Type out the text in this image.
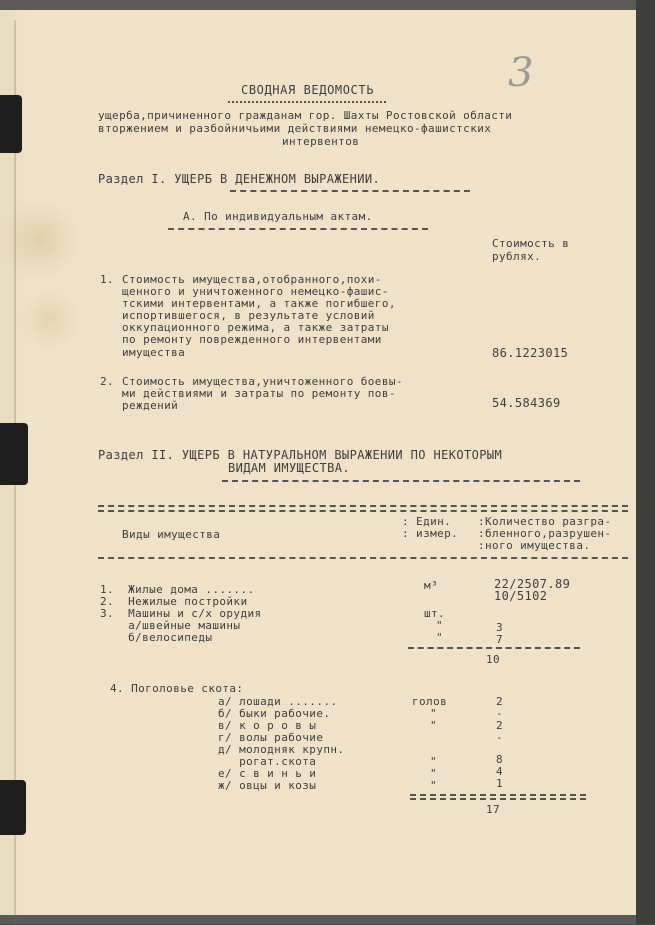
3
СВОДНАЯ ВЕДОМОСТЬ
ущерба,причиненного гражданам гор. Шахты Ростовской области
вторжением и разбойничьими действиями немецко-фашистских
интервентов
Раздел I. УЩЕРБ В ДЕНЕЖНОМ ВЫРАЖЕНИИ.
А. По индивидуальным актам.
Стоимость в
рублях.
1. Стоимость имущества,отобранного,похи-
щенного и уничтоженного немецко-фашис-
тскими интервентами, а также погибшего,
испортившегося, в результате условий
оккупационного режима, а также затраты
по ремонту поврежденного интервентами
имущества	86.1223015
2. Стоимость имущества,уничтоженного боевы-
ми действиями и затраты по ремонту пов-
реждений	54.584369
Раздел II. УЩЕРБ В НАТУРАЛЬНОМ ВЫРАЖЕНИИ ПО НЕКОТОРЫМ
ВИДАМ ИМУЩЕСТВА.
Виды имущества
: Един.
: измер.
:Количество разгра-
:бленного,разрушен-
:ного имущества.
1.  Жилые дома .......	м³	22/2507.89
2.  Нежилые постройки	10/5102
3.  Машины и с/х орудия	шт.
а/швейные машины	"	3
б/велосипеды	"	7
10
4. Поголовье скота:
а/ лошади .......	голов	2
б/ быки рабочие.	"	-
в/ к о р о в ы	"	2
г/ волы рабочие	-
д/ молодняк крупн.
рогат.скота	"	8
е/ с в и н ь и	"	4
ж/ овцы и козы	"	1
17
